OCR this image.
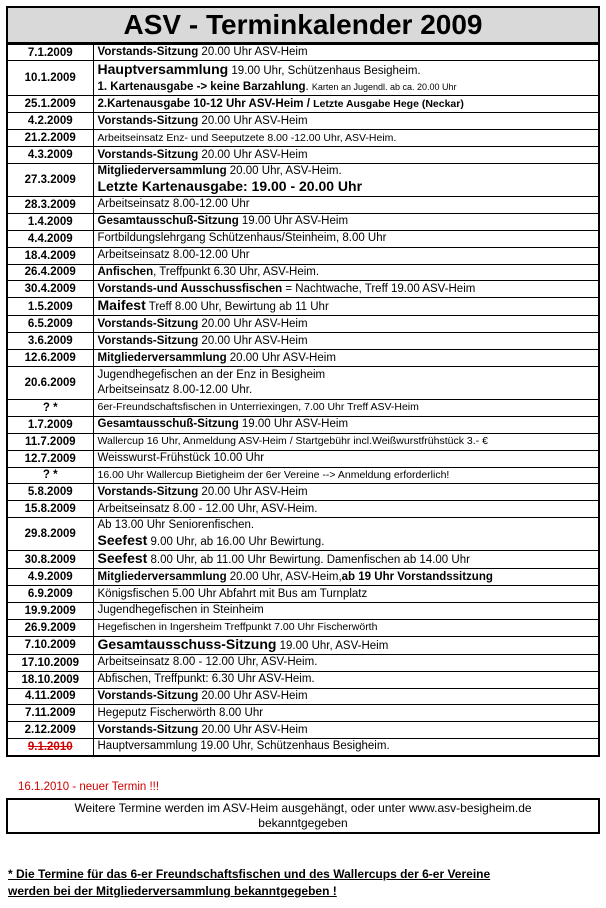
ASV - Terminkalender 2009
7.1.2009	Vorstands-Sitzung 20.00 Uhr ASV-Heim

10.1.2009	Hauptversammlung 19.00 Uhr, Schützenhaus Besigheim.
1. Kartenausgabe -> keine Barzahlung. Karten an Jugendl. ab ca. 20.00 Uhr

25.1.2009	2.Kartenausgabe 10-12 Uhr ASV-Heim / Letzte Ausgabe Hege (Neckar)

4.2.2009	Vorstands-Sitzung 20.00 Uhr ASV-Heim

21.2.2009	Arbeitseinsatz Enz- und Seeputzete 8.00 -12.00 Uhr, ASV-Heim.

4.3.2009	Vorstands-Sitzung 20.00 Uhr ASV-Heim

27.3.2009	Mitgliederversammlung 20.00 Uhr, ASV-Heim.
Letzte Kartenausgabe: 19.00 - 20.00 Uhr

28.3.2009	Arbeitseinsatz 8.00-12.00 Uhr

1.4.2009	Gesamtausschuß-Sitzung 19.00 Uhr ASV-Heim

4.4.2009	Fortbildungslehrgang Schützenhaus/Steinheim, 8.00 Uhr

18.4.2009	Arbeitseinsatz 8.00-12.00 Uhr

26.4.2009	Anfischen, Treffpunkt 6.30 Uhr, ASV-Heim.

30.4.2009	Vorstands-und Ausschussfischen = Nachtwache, Treff 19.00 ASV-Heim

1.5.2009	Maifest Treff 8.00 Uhr, Bewirtung ab 11 Uhr

6.5.2009	Vorstands-Sitzung 20.00 Uhr ASV-Heim

3.6.2009	Vorstands-Sitzung 20.00 Uhr ASV-Heim

12.6.2009	Mitgliederversammlung 20.00 Uhr ASV-Heim

20.6.2009	Jugendhegefischen an der Enz in Besigheim
Arbeitseinsatz 8.00-12.00 Uhr.

? *	6er-Freundschaftsfischen in Unterriexingen, 7.00 Uhr Treff ASV-Heim

1.7.2009	Gesamtausschuß-Sitzung 19.00 Uhr ASV-Heim

11.7.2009	Wallercup 16 Uhr, Anmeldung ASV-Heim / Startgebühr incl.Weißwurstfrühstück 3.- €

12.7.2009	Weisswurst-Frühstück 10.00 Uhr

? *	16.00 Uhr Wallercup Bietigheim der 6er Vereine --> Anmeldung erforderlich!

5.8.2009	Vorstands-Sitzung 20.00 Uhr ASV-Heim

15.8.2009	Arbeitseinsatz 8.00 - 12.00 Uhr, ASV-Heim.

29.8.2009	Ab 13.00 Uhr Seniorenfischen.
Seefest 9.00 Uhr, ab 16.00 Uhr Bewirtung.

30.8.2009	Seefest 8.00 Uhr, ab 11.00 Uhr Bewirtung. Damenfischen ab 14.00 Uhr

4.9.2009	Mitgliederversammlung 20.00 Uhr, ASV-Heim,ab 19 Uhr Vorstandssitzung

6.9.2009	Königsfischen 5.00 Uhr Abfahrt mit Bus am Turnplatz

19.9.2009	Jugendhegefischen in Steinheim

26.9.2009	Hegefischen in Ingersheim Treffpunkt 7.00 Uhr Fischerwörth

7.10.2009	Gesamtausschuss-Sitzung 19.00 Uhr, ASV-Heim

17.10.2009	Arbeitseinsatz 8.00 - 12.00 Uhr, ASV-Heim.

18.10.2009	Abfischen, Treffpunkt: 6.30 Uhr ASV-Heim.

4.11.2009	Vorstands-Sitzung 20.00 Uhr ASV-Heim

7.11.2009	Hegeputz Fischerwörth 8.00 Uhr

2.12.2009	Vorstands-Sitzung 20.00 Uhr ASV-Heim

9.1.2010	Hauptversammlung 19.00 Uhr, Schützenhaus Besigheim.
16.1.2010 - neuer Termin !!!
Weitere Termine werden im ASV-Heim ausgehängt, oder unter www.asv-besigheim.de
bekanntgegeben
* Die Termine für das 6-er Freundschaftsfischen und des Wallercups der 6-er Vereine
werden bei der Mitgliederversammlung bekanntgegeben !
